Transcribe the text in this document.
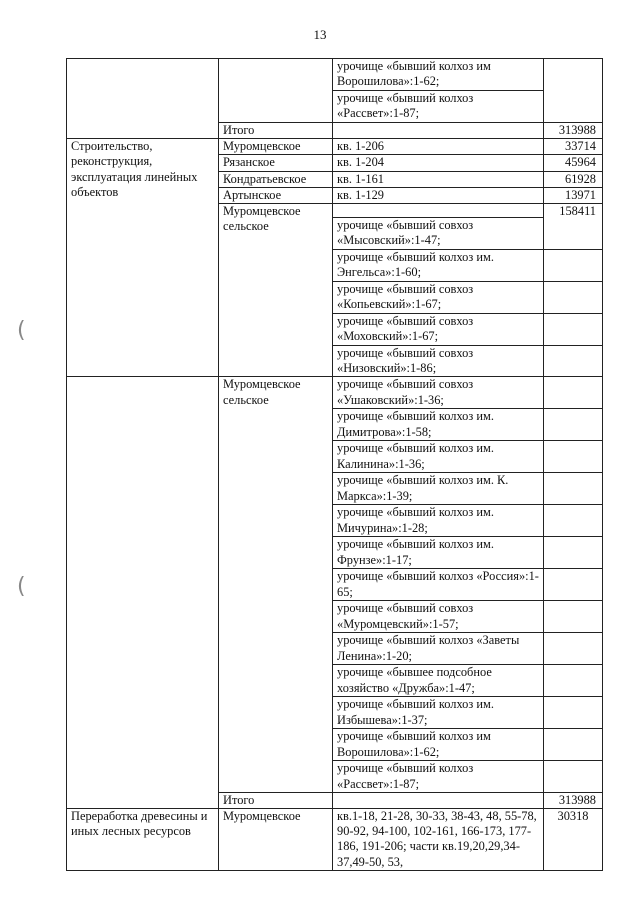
13
(
(
		урочище «бывший колхоз им Ворошилова»:1-62;	
		урочище «бывший колхоз «Рассвет»:1-87;	
	Итого		313988
Строительство, реконструкция, эксплуатация линейных объектов	Муромцевское	кв. 1-206	33714
	Рязанское	кв. 1-204	45964
	Кондратьевское	кв. 1-161	61928
	Артынское	кв. 1-129	13971
	Муромцевское сельское		158411
		урочище «бывший совхоз «Мысовский»:1-47;	
		урочище «бывший колхоз им. Энгельса»:1-60;	
		урочище «бывший совхоз «Копьевский»:1-67;	
		урочище «бывший совхоз «Моховский»:1-67;	
		урочище «бывший совхоз «Низовский»:1-86;	
	Муромцевское сельское	урочище «бывший совхоз «Ушаковский»:1-36;	
		урочище «бывший колхоз им. Димитрова»:1-58;	
		урочище «бывший колхоз им. Калинина»:1-36;	
		урочище «бывший колхоз им. К. Маркса»:1-39;	
		урочище «бывший колхоз им. Мичурина»:1-28;	
		урочище «бывший колхоз им. Фрунзе»:1-17;	
		урочище «бывший колхоз «Россия»:1-65;	
		урочище «бывший совхоз «Муромцевский»:1-57;	
		урочище «бывший колхоз «Заветы Ленина»:1-20;	
		урочище «бывшее подсобное хозяйство «Дружба»:1-47;	
		урочище «бывший колхоз им. Избышева»:1-37;	
		урочище «бывший колхоз им Ворошилова»:1-62;	
		урочище «бывший колхоз «Рассвет»:1-87;	
	Итого		313988
Переработка древесины и иных лесных ресурсов	Муромцевское	кв.1-18, 21-28, 30-33, 38-43, 48, 55-78, 90-92, 94-100, 102-161, 166-173, 177-186, 191-206; части кв.19,20,29,34-37,49-50, 53,	30318
